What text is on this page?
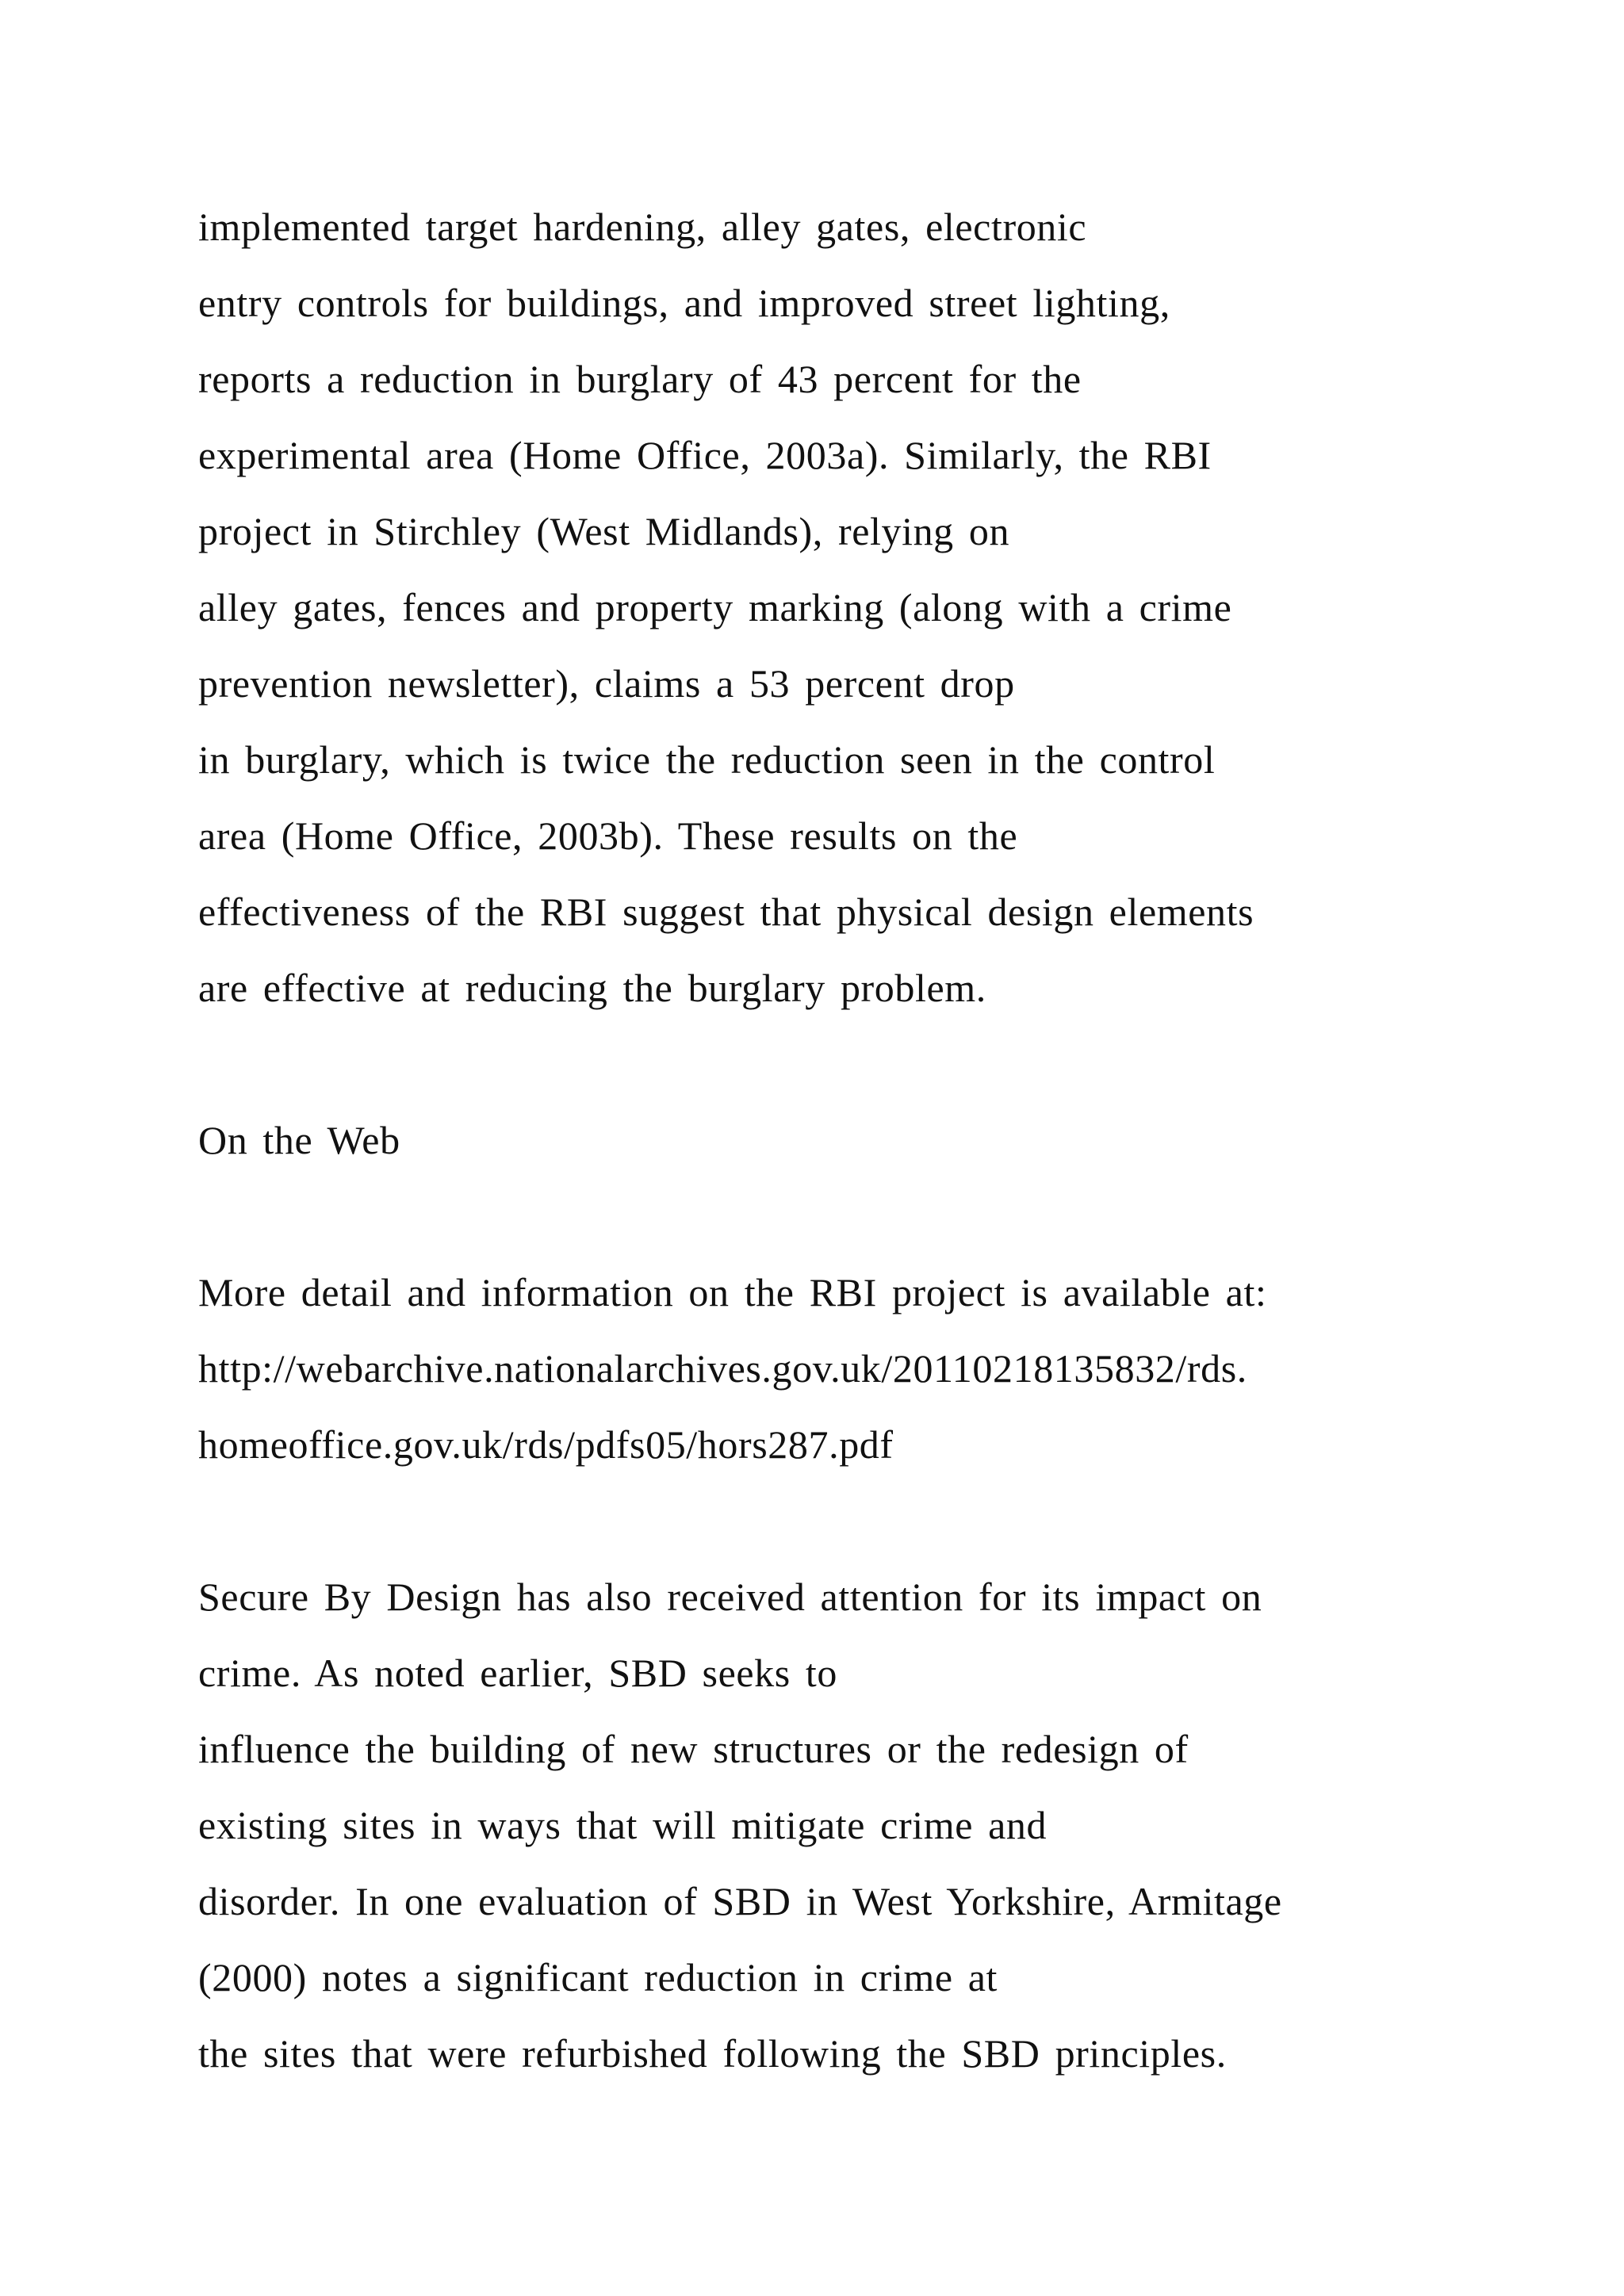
implemented target hardening, alley gates, electronic
entry controls for buildings, and improved street lighting,
reports a reduction in burglary of 43 percent for the
experimental area (Home Office, 2003a). Similarly, the RBI
project in Stirchley (West Midlands), relying on
alley gates, fences and property marking (along with a crime
prevention newsletter), claims a 53 percent drop
in burglary, which is twice the reduction seen in the control
area (Home Office, 2003b). These results on the
effectiveness of the RBI suggest that physical design elements
are effective at reducing the burglary problem.
On the Web
More detail and information on the RBI project is available at:
http://webarchive.nationalarchives.gov.uk/20110218135832/rds.
homeoffice.gov.uk/rds/pdfs05/hors287.pdf
Secure By Design has also received attention for its impact on
crime. As noted earlier, SBD seeks to
influence the building of new structures or the redesign of
existing sites in ways that will mitigate crime and
disorder. In one evaluation of SBD in West Yorkshire, Armitage
(2000) notes a significant reduction in crime at
the sites that were refurbished following the SBD principles.
